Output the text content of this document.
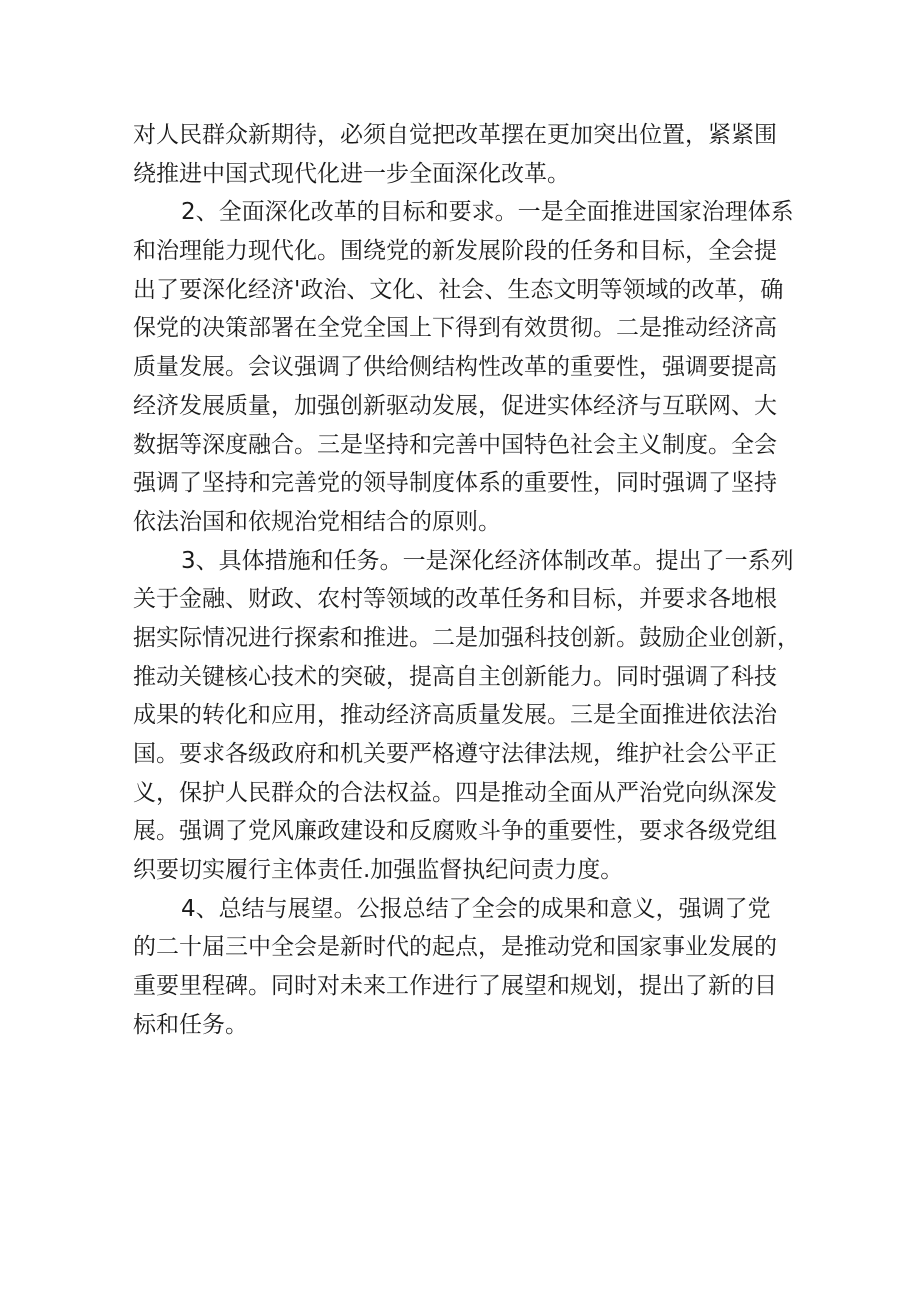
对人民群众新期待，必须自觉把改革摆在更加突出位置，紧紧围
绕推进中国式现代化进一步全面深化改革。
2、全面深化改革的目标和要求。一是全面推进国家治理体系
和治理能力现代化。围绕党的新发展阶段的任务和目标，全会提
出了要深化经济'政治、文化、社会、生态文明等领域的改革，确
保党的决策部署在全党全国上下得到有效贯彻。二是推动经济高
质量发展。会议强调了供给侧结构性改革的重要性，强调要提高
经济发展质量，加强创新驱动发展，促进实体经济与互联网、大
数据等深度融合。三是坚持和完善中国特色社会主义制度。全会
强调了坚持和完善党的领导制度体系的重要性，同时强调了坚持
依法治国和依规治党相结合的原则。
3、具体措施和任务。一是深化经济体制改革。提出了一系列
关于金融、财政、农村等领域的改革任务和目标，并要求各地根
据实际情况进行探索和推进。二是加强科技创新。鼓励企业创新，
推动关键核心技术的突破，提高自主创新能力。同时强调了科技
成果的转化和应用，推动经济高质量发展。三是全面推进依法治
国。要求各级政府和机关要严格遵守法律法规，维护社会公平正
义，保护人民群众的合法权益。四是推动全面从严治党向纵深发
展。强调了党风廉政建设和反腐败斗争的重要性，要求各级党组
织要切实履行主体责任.加强监督执纪问责力度。
4、总结与展望。公报总结了全会的成果和意义，强调了党
的二十届三中全会是新时代的起点，是推动党和国家事业发展的
重要里程碑。同时对未来工作进行了展望和规划，提出了新的目
标和任务。
